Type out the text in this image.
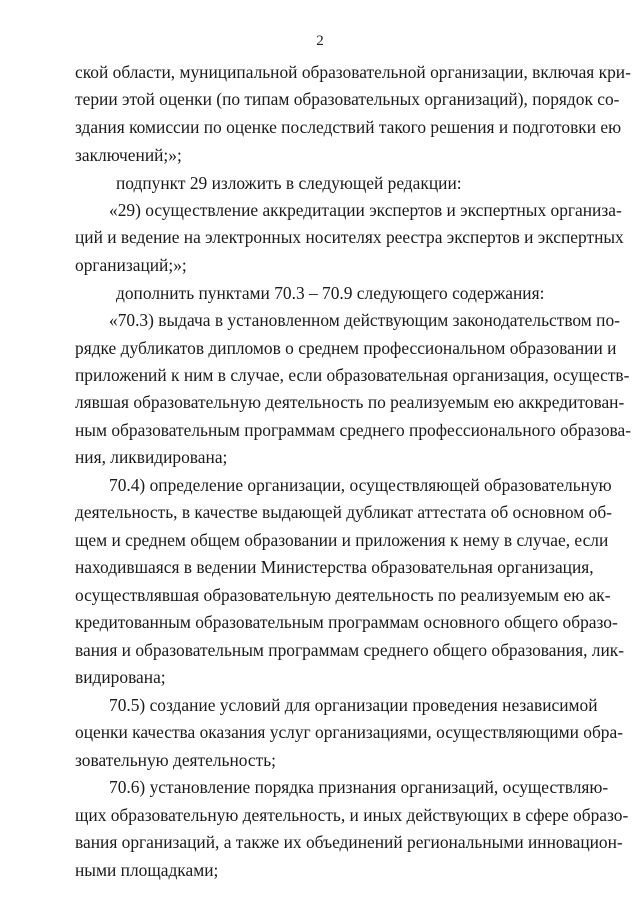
2
ской области, муниципальной образовательной организации, включая кри-
терии этой оценки (по типам образовательных организаций), порядок со-
здания комиссии по оценке последствий такого решения и подготовки ею
заключений;»;
подпункт 29 изложить в следующей редакции:
«29) осуществление аккредитации экспертов и экспертных организа-
ций и ведение на электронных носителях реестра экспертов и экспертных
организаций;»;
дополнить пунктами 70.3 – 70.9 следующего содержания:
«70.3) выдача в установленном действующим законодательством по-
рядке дубликатов дипломов о среднем профессиональном образовании и
приложений к ним в случае, если образовательная организация, осуществ-
лявшая образовательную деятельность по реализуемым ею аккредитован-
ным образовательным программам среднего профессионального образова-
ния, ликвидирована;
70.4) определение организации, осуществляющей образовательную
деятельность, в качестве выдающей дубликат аттестата об основном об-
щем и среднем общем образовании и приложения к нему в случае, если
находившаяся в ведении Министерства образовательная организация,
осуществлявшая образовательную деятельность по реализуемым ею ак-
кредитованным образовательным программам основного общего образо-
вания и образовательным программам среднего общего образования, лик-
видирована;
70.5) создание условий для организации проведения независимой
оценки качества оказания услуг организациями, осуществляющими обра-
зовательную деятельность;
70.6) установление порядка признания организаций, осуществляю-
щих образовательную деятельность, и иных действующих в сфере образо-
вания организаций, а также их объединений региональными инновацион-
ными площадками;
